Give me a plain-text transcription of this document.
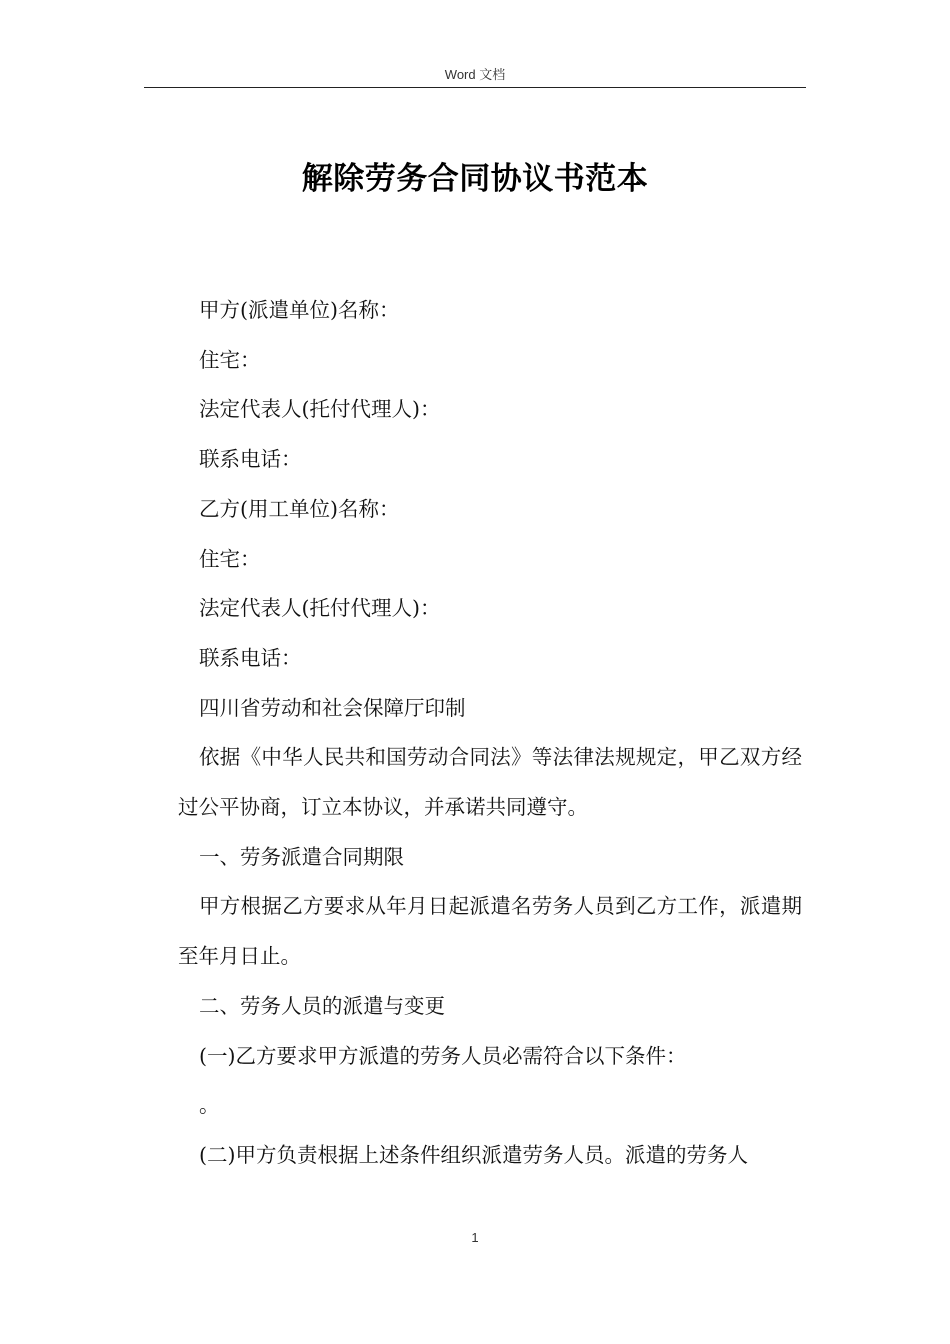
Word 文档
解除劳务合同协议书范本

甲方(派遣单位)名称：

住宅：

法定代表人(托付代理人)：

联系电话：

乙方(用工单位)名称：

住宅：

法定代表人(托付代理人)：

联系电话：

四川省劳动和社会保障厅印制

依据《中华人民共和国劳动合同法》等法律法规规定，甲乙双方经过公平协商，订立本协议，并承诺共同遵守。

一、劳务派遣合同期限

甲方根据乙方要求从年月日起派遣名劳务人员到乙方工作，派遣期至年月日止。

二、劳务人员的派遣与变更

(一)乙方要求甲方派遣的劳务人员必需符合以下条件：

。

(二)甲方负责根据上述条件组织派遣劳务人员。派遣的劳务人

1
